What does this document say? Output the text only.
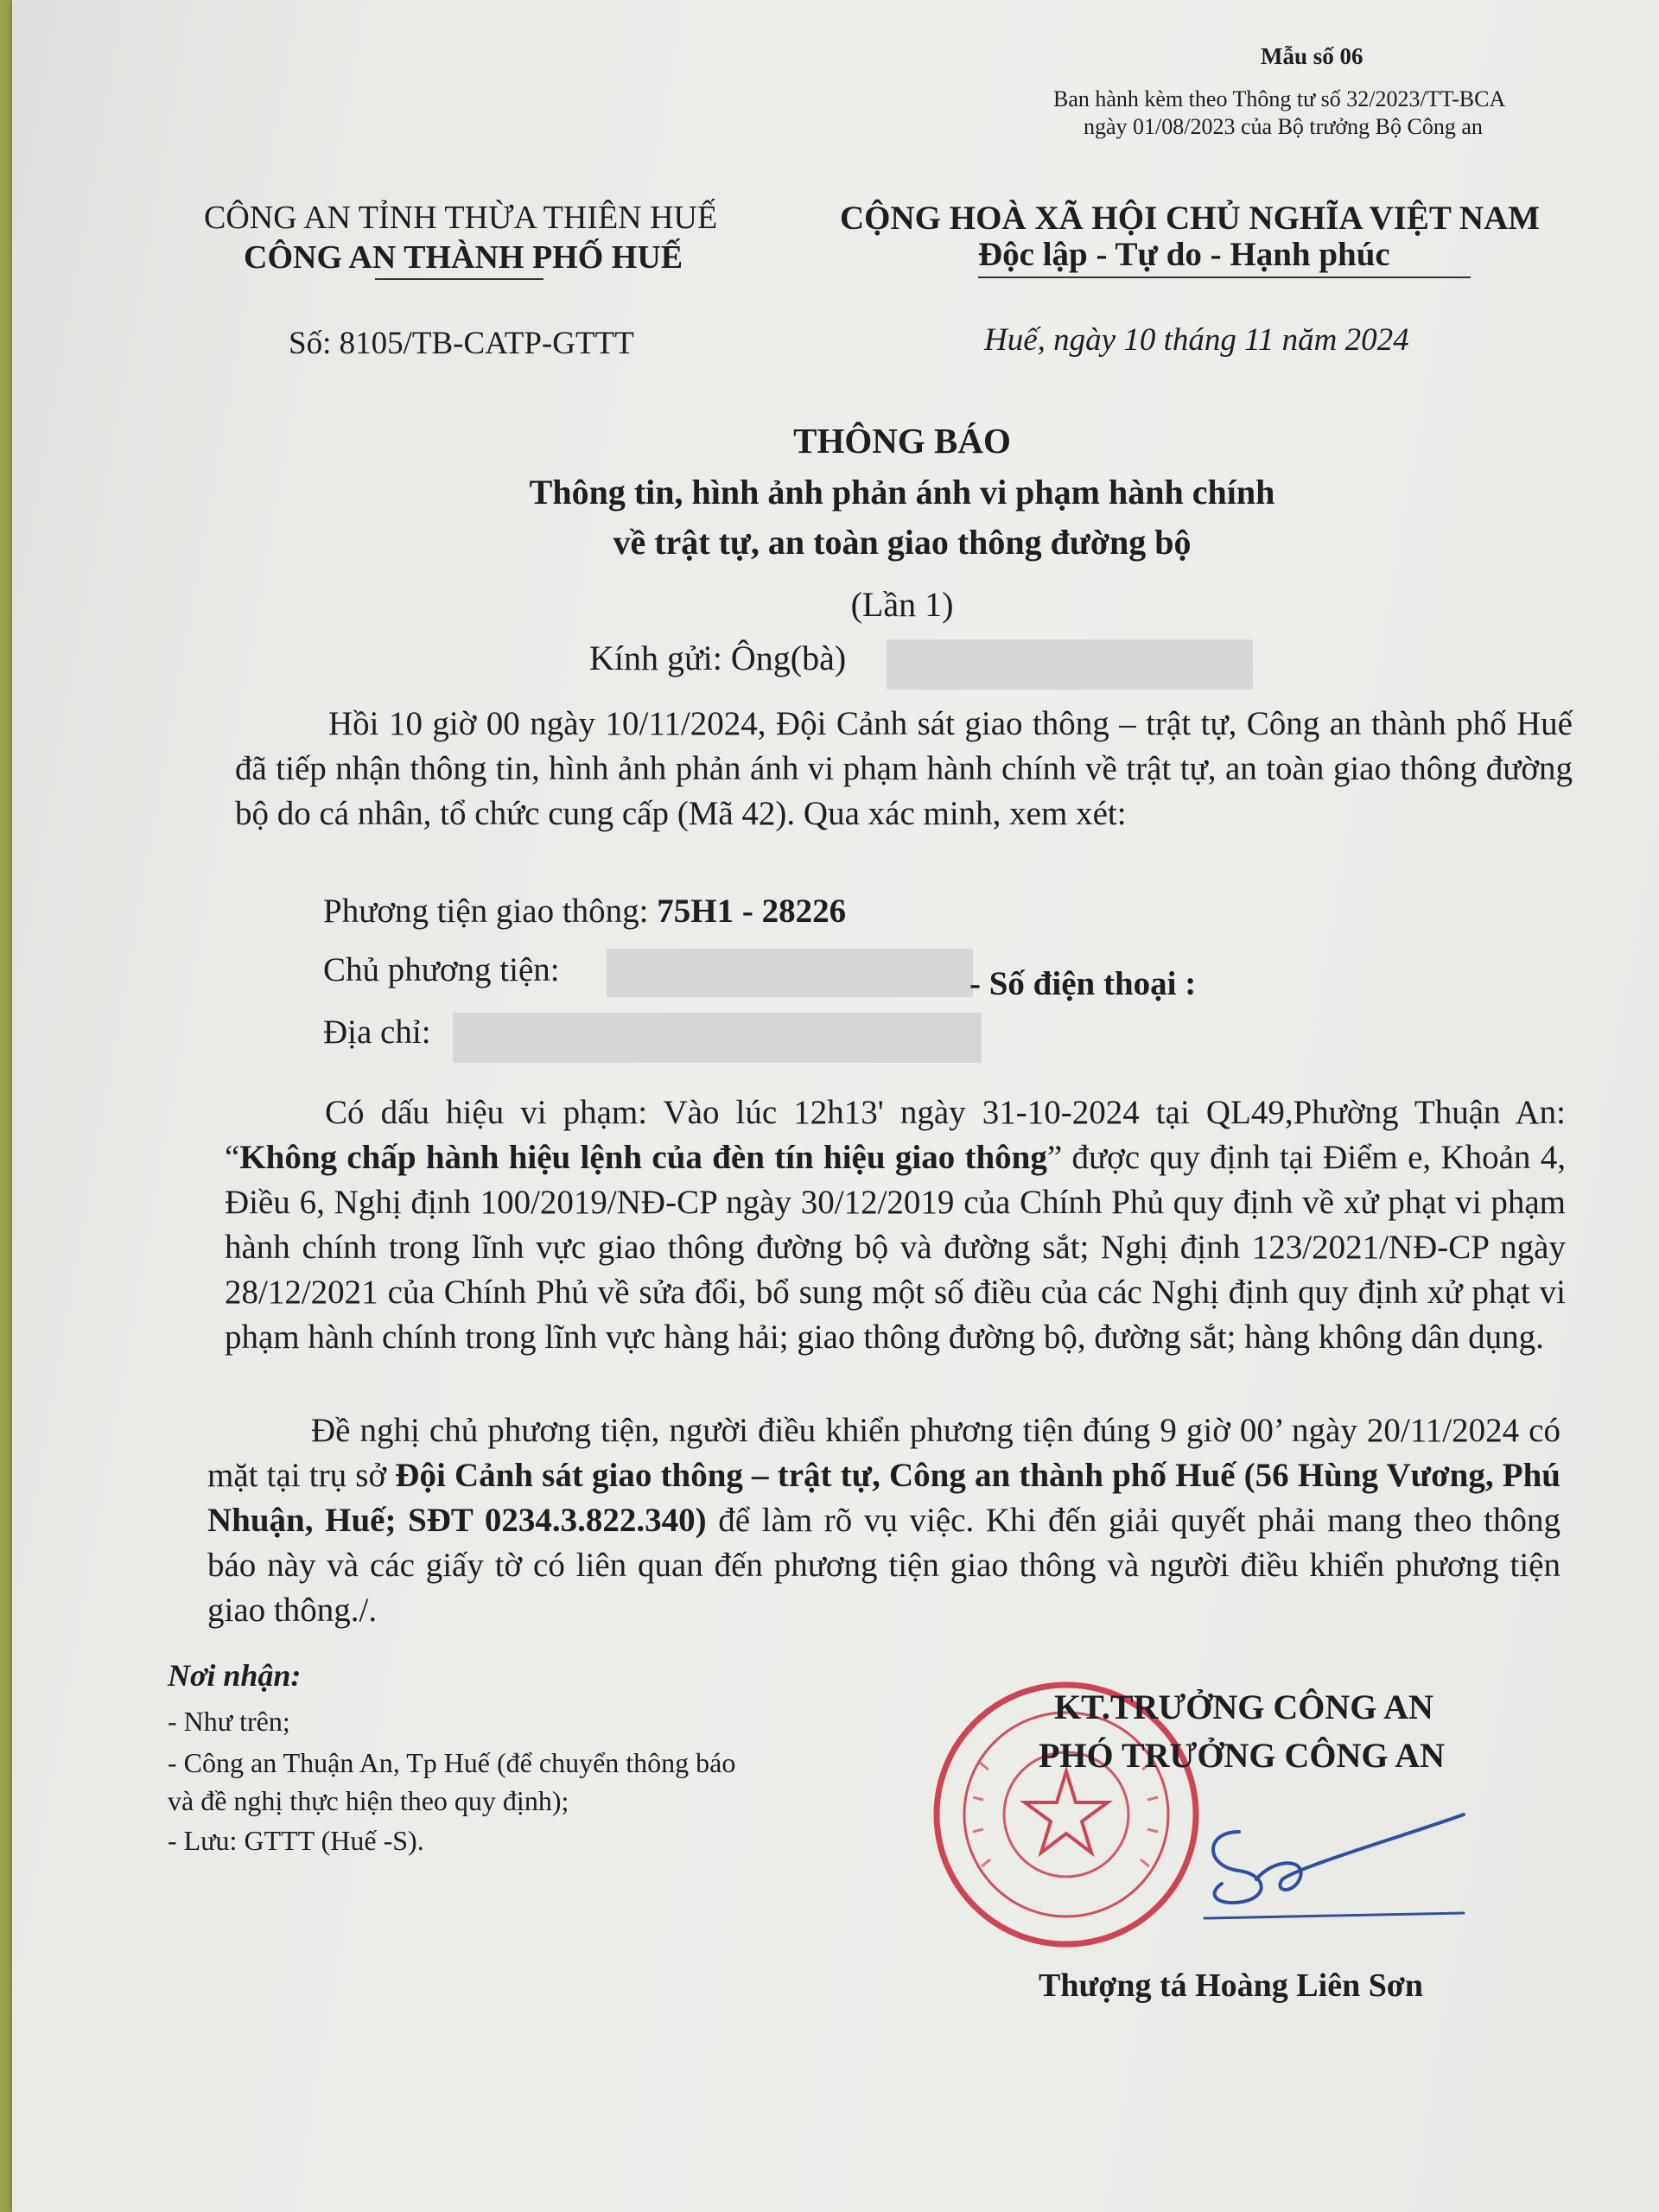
Mẫu số 06
Ban hành kèm theo Thông tư số 32/2023/TT-BCA
ngày 01/08/2023 của Bộ trưởng Bộ Công an
CÔNG AN TỈNH THỪA THIÊN HUẾ
CÔNG AN THÀNH PHỐ HUẾ
CỘNG HOÀ XÃ HỘI CHỦ NGHĨA VIỆT NAM
Độc lập - Tự do - Hạnh phúc
Số: 8105/TB-CATP-GTTT	Huế, ngày 10 tháng 11 năm 2024
THÔNG BÁO
Thông tin, hình ảnh phản ánh vi phạm hành chính
về trật tự, an toàn giao thông đường bộ
(Lần 1)
Kính gửi: Ông(bà)
Hồi 10 giờ 00 ngày 10/11/2024, Đội Cảnh sát giao thông – trật tự, Công an thành phố Huế đã tiếp nhận thông tin, hình ảnh phản ánh vi phạm hành chính về trật tự, an toàn giao thông đường bộ do cá nhân, tổ chức cung cấp (Mã 42). Qua xác minh, xem xét:
Phương tiện giao thông: 75H1 - 28226
Chủ phương tiện:	- Số điện thoại :
Địa chỉ:
Có dấu hiệu vi phạm: Vào lúc 12h13' ngày 31-10-2024 tại QL49,Phường Thuận An: “Không chấp hành hiệu lệnh của đèn tín hiệu giao thông” được quy định tại Điểm e, Khoản 4, Điều 6, Nghị định 100/2019/NĐ-CP ngày 30/12/2019 của Chính Phủ quy định về xử phạt vi phạm hành chính trong lĩnh vực giao thông đường bộ và đường sắt; Nghị định 123/2021/NĐ-CP ngày 28/12/2021 của Chính Phủ về sửa đổi, bổ sung một số điều của các Nghị định quy định xử phạt vi phạm hành chính trong lĩnh vực hàng hải; giao thông đường bộ, đường sắt; hàng không dân dụng.
Đề nghị chủ phương tiện, người điều khiển phương tiện đúng 9 giờ 00’ ngày 20/11/2024 có mặt tại trụ sở Đội Cảnh sát giao thông – trật tự, Công an thành phố Huế (56 Hùng Vương, Phú Nhuận, Huế; SĐT 0234.3.822.340) để làm rõ vụ việc. Khi đến giải quyết phải mang theo thông báo này và các giấy tờ có liên quan đến phương tiện giao thông và người điều khiển phương tiện giao thông./.
Nơi nhận:
- Như trên;
- Công an Thuận An, Tp Huế (để chuyển thông báo
và đề nghị thực hiện theo quy định);
- Lưu: GTTT (Huế -S).
KT.TRƯỞNG CÔNG AN
PHÓ TRƯỞNG CÔNG AN
Thượng tá Hoàng Liên Sơn
